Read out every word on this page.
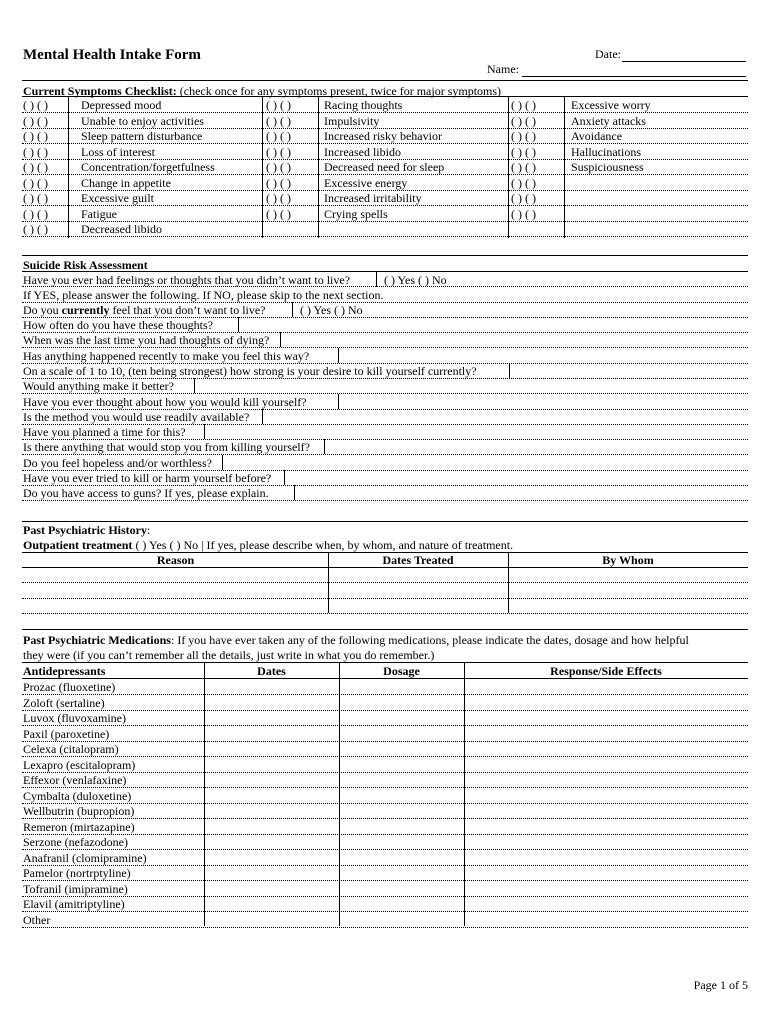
Mental Health Intake Form	Date:
Name:
Current Symptoms Checklist: (check once for any symptoms present, twice for major symptoms)
( ) ( )	Depressed mood	( ) ( )	Racing thoughts	( ) ( )	Excessive worry
( ) ( )	Unable to enjoy activities	( ) ( )	Impulsivity	( ) ( )	Anxiety attacks
( ) ( )	Sleep pattern disturbance	( ) ( )	Increased risky behavior	( ) ( )	Avoidance
( ) ( )	Loss of interest	( ) ( )	Increased libido	( ) ( )	Hallucinations
( ) ( )	Concentration/forgetfulness	( ) ( )	Decreased need for sleep	( ) ( )	Suspiciousness
( ) ( )	Change in appetite	( ) ( )	Excessive energy	( ) ( )
( ) ( )	Excessive guilt	( ) ( )	Increased irritability	( ) ( )
( ) ( )	Fatigue	( ) ( )	Crying spells	( ) ( )
( ) ( )	Decreased libido
Suicide Risk Assessment
Have you ever had feelings or thoughts that you didn’t want to live?	( ) Yes ( ) No
If YES, please answer the following. If NO, please skip to the next section.
Do you currently feel that you don’t want to live?	( ) Yes ( ) No
How often do you have these thoughts?
When was the last time you had thoughts of dying?
Has anything happened recently to make you feel this way?
On a scale of 1 to 10, (ten being strongest) how strong is your desire to kill yourself currently?
Would anything make it better?
Have you ever thought about how you would kill yourself?
Is the method you would use readily available?
Have you planned a time for this?
Is there anything that would stop you from killing yourself?
Do you feel hopeless and/or worthless?
Have you ever tried to kill or harm yourself before?
Do you have access to guns? If yes, please explain.
Past Psychiatric History:
Outpatient treatment ( ) Yes ( ) No | If yes, please describe when, by whom, and nature of treatment.
Reason	Dates Treated	By Whom
Past Psychiatric Medications: If you have ever taken any of the following medications, please indicate the dates, dosage and how helpful
they were (if you can’t remember all the details, just write in what you do remember.)
Antidepressants	Dates	Dosage	Response/Side Effects
Prozac (fluoxetine)
Zoloft (sertaline)
Luvox (fluvoxamine)
Paxil (paroxetine)
Celexa (citalopram)
Lexapro (escitalopram)
Effexor (venlafaxine)
Cymbalta (duloxetine)
Wellbutrin (bupropion)
Remeron (mirtazapine)
Serzone (nefazodone)
Anafranil (clomipramine)
Pamelor (nortrptyline)
Tofranil (imipramine)
Elavil (amitriptyline)
Other
Page 1 of 5
